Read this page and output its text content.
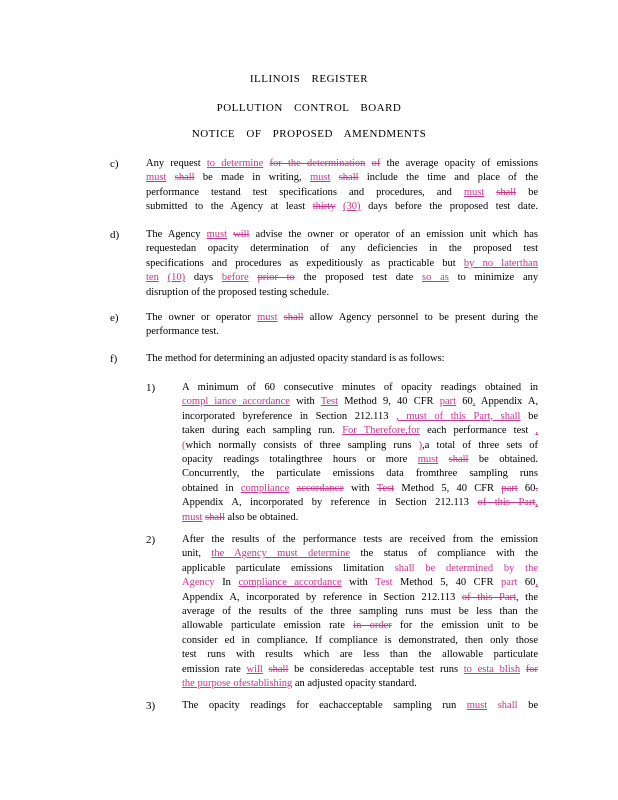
ILLINOIS REGISTER
POLLUTION CONTROL BOARD
NOTICE OF PROPOSED AMENDMENTS
c)	Any request to determine for the determination of the average opacity of emissions
must shall be made in writing, must shall include the time and place of the
performance testand test specifications and procedures, and must shall be
submitted to the Agency at least thirty (30) days before the proposed test date.
d)	The Agency must will advise the owner or operator of an emission unit which has
requestedan opacity determination of any deficiencies in the proposed test
specifications and procedures as expeditiously as practicable but by no laterthan
ten (10) days before prior to the proposed test date so as to minimize any
disruption of the proposed testing schedule.
e)	The owner or operator must shall allow Agency personnel to be present during the
performance test.
f)	The method for determining an adjusted opacity standard is as follows:
1)	A minimum of 60 consecutive minutes of opacity readings obtained in
compl iance accordance with Test Method 9, 40 CFR part 60, Appendix A,
incorporated byreference in Section 212.113 , must of this Part, shall be
taken during each sampling run. For Therefore,for each performance test ,
(which normally consists of three sampling runs ),a total of three sets of
opacity readings totalingthree hours or more must shall be obtained.
Concurrently, the particulate emissions data fromthree sampling runs
obtained in compliance accordance with Test Method 5, 40 CFR part 60.
Appendix A, incorporated by reference in Section 212.113 of this Part,
must shall also be obtained.
2)	After the results of the performance tests are received from the emission
unit, the Agency must determine the status of compliance with the
applicable particulate emissions limitation shall be determined by the
Agency In compliance accordance with Test Method 5, 40 CFR part 60,
Appendix A, incorporated by reference in Section 212.113 of this Part, the
average of the results of the three sampling runs must be less than the
allowable particulate emission rate in order for the emission unit to be
consider ed in compliance. If compliance is demonstrated, then only those
test runs with results which are less than the allowable particulate
emission rate will shall be consideredas acceptable test runs to esta blish for
the purpose ofestablishing an adjusted opacity standard.
3)	The opacity readings for eachacceptable sampling run must shall be
